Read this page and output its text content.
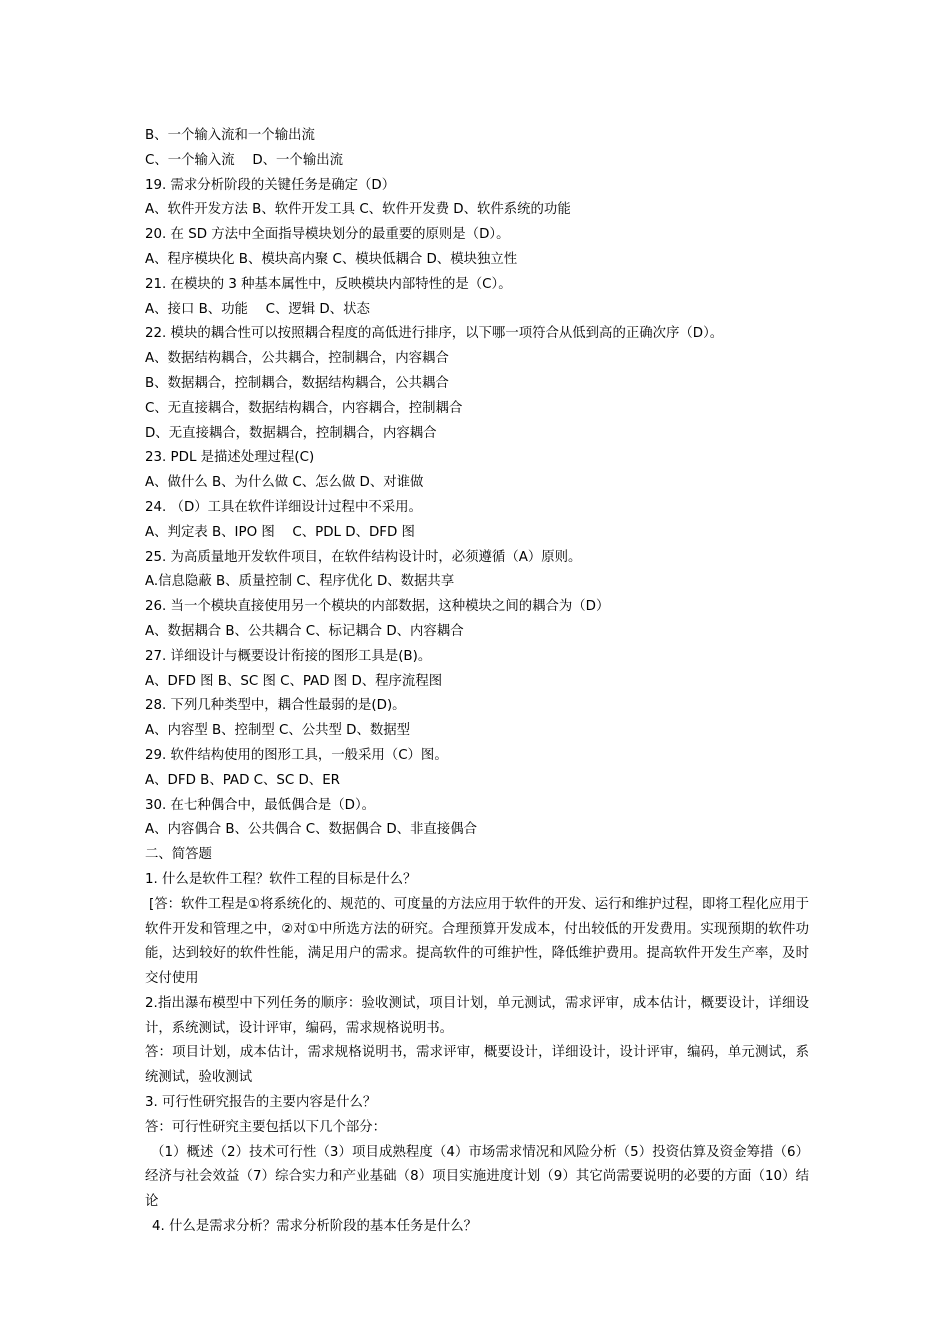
B、一个输入流和一个输出流
C、一个输入流　 D、一个输出流
19. 需求分析阶段的关键任务是确定（D）
A、软件开发方法 B、软件开发工具 C、软件开发费 D、软件系统的功能
20. 在 SD 方法中全面指导模块划分的最重要的原则是（D）。
A、程序模块化 B、模块高内聚 C、模块低耦合 D、模块独立性
21. 在模块的 3 种基本属性中，反映模块内部特性的是（C）。
A、接口 B、功能　 C、逻辑 D、状态
22. 模块的耦合性可以按照耦合程度的高低进行排序，以下哪一项符合从低到高的正确次序（D）。
A、数据结构耦合，公共耦合，控制耦合，内容耦合
B、数据耦合，控制耦合，数据结构耦合，公共耦合
C、无直接耦合，数据结构耦合，内容耦合，控制耦合
D、无直接耦合，数据耦合，控制耦合，内容耦合
23. PDL 是描述处理过程(C)
A、做什么 B、为什么做 C、怎么做 D、对谁做
24. （D）工具在软件详细设计过程中不采用。
A、判定表 B、IPO 图　 C、PDL D、DFD 图
25. 为高质量地开发软件项目，在软件结构设计时，必须遵循（A）原则。
A.信息隐蔽 B、质量控制 C、程序优化 D、数据共享
26. 当一个模块直接使用另一个模块的内部数据，这种模块之间的耦合为（D）
A、数据耦合 B、公共耦合 C、标记耦合 D、内容耦合
27. 详细设计与概要设计衔接的图形工具是(B)。
A、DFD 图 B、SC 图 C、PAD 图 D、程序流程图
28. 下列几种类型中，耦合性最弱的是(D)。
A、内容型 B、控制型 C、公共型 D、数据型
29. 软件结构使用的图形工具，一般采用（C）图。
A、DFD B、PAD C、SC D、ER
30. 在七种偶合中，最低偶合是（D）。
A、内容偶合 B、公共偶合 C、数据偶合 D、非直接偶合
二、简答题
1. 什么是软件工程？软件工程的目标是什么？
[答：软件工程是①将系统化的、规范的、可度量的方法应用于软件的开发、运行和维护过程，即将工程化应用于软件开发和管理之中，②对①中所选方法的研究。合理预算开发成本，付出较低的开发费用。实现预期的软件功能，达到较好的软件性能，满足用户的需求。提高软件的可维护性，降低维护费用。提高软件开发生产率，及时交付使用
2.指出瀑布模型中下列任务的顺序：验收测试，项目计划，单元测试，需求评审，成本估计，概要设计，详细设计，系统测试，设计评审，编码，需求规格说明书。
答：项目计划，成本估计，需求规格说明书，需求评审，概要设计，详细设计，设计评审，编码，单元测试，系统测试，验收测试
3. 可行性研究报告的主要内容是什么？
答：可行性研究主要包括以下几个部分：
（1）概述（2）技术可行性（3）项目成熟程度（4）市场需求情况和风险分析（5）投资估算及资金筹措（6）经济与社会效益（7）综合实力和产业基础（8）项目实施进度计划（9）其它尚需要说明的必要的方面（10）结论
4. 什么是需求分析？需求分析阶段的基本任务是什么？
